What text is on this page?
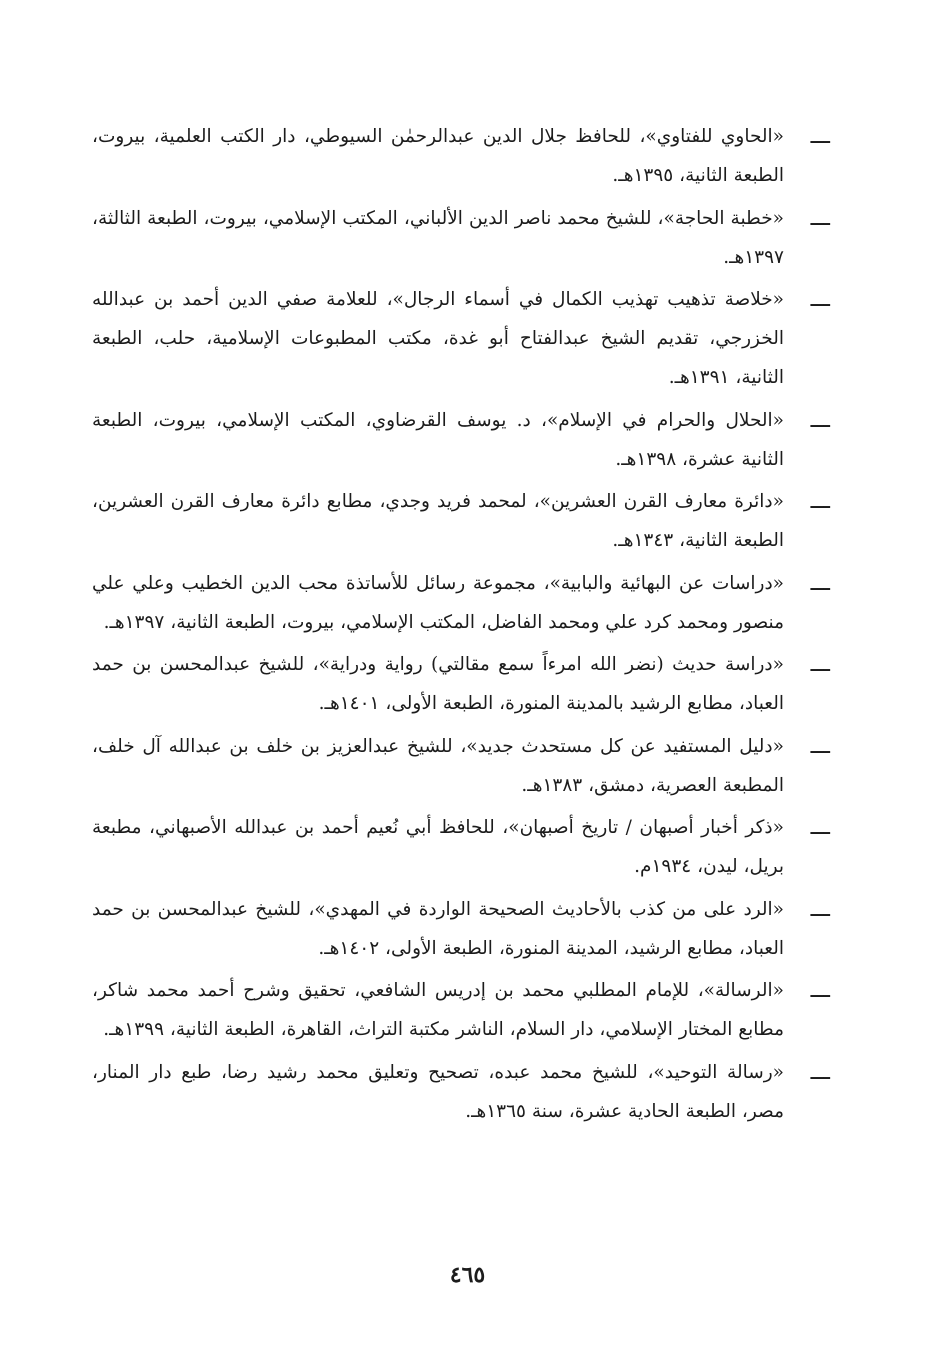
ـــ
«الحاوي للفتاوي»، للحافظ جلال الدين عبدالرحمٰن السيوطي، دار الكتب العلمية، بيروت، الطبعة الثانية، ١٣٩٥هـ.
ـــ
«خطبة الحاجة»، للشيخ محمد ناصر الدين الألباني، المكتب الإسلامي، بيروت، الطبعة الثالثة، ١٣٩٧هـ.
ـــ
«خلاصة تذهيب تهذيب الكمال في أسماء الرجال»، للعلامة صفي الدين أحمد بن عبدالله الخزرجي، تقديم الشيخ عبدالفتاح أبو غدة، مكتب المطبوعات الإسلامية، حلب، الطبعة الثانية، ١٣٩١هـ.
ـــ
«الحلال والحرام في الإسلام»، د. يوسف القرضاوي، المكتب الإسلامي، بيروت، الطبعة الثانية عشرة، ١٣٩٨هـ.
ـــ
«دائرة معارف القرن العشرين»، لمحمد فريد وجدي، مطابع دائرة معارف القرن العشرين، الطبعة الثانية، ١٣٤٣هـ.
ـــ
«دراسات عن البهائية والبابية»، مجموعة رسائل للأساتذة محب الدين الخطيب وعلي علي منصور ومحمد كرد علي ومحمد الفاضل، المكتب الإسلامي، بيروت، الطبعة الثانية، ١٣٩٧هـ.
ـــ
«دراسة حديث (نضر الله امرءاً سمع مقالتي) رواية ودراية»، للشيخ عبدالمحسن بن حمد العباد، مطابع الرشيد بالمدينة المنورة، الطبعة الأولى، ١٤٠١هـ.
ـــ
«دليل المستفيد عن كل مستحدث جديد»، للشيخ عبدالعزيز بن خلف بن عبدالله آل خلف، المطبعة العصرية، دمشق، ١٣٨٣هـ.
ـــ
«ذكر أخبار أصبهان / تاريخ أصبهان»، للحافظ أبي نُعيم أحمد بن عبدالله الأصبهاني، مطبعة بريل، ليدن، ١٩٣٤م.
ـــ
«الرد على من كذب بالأحاديث الصحيحة الواردة في المهدي»، للشيخ عبدالمحسن بن حمد العباد، مطابع الرشيد، المدينة المنورة، الطبعة الأولى، ١٤٠٢هـ.
ـــ
«الرسالة»، للإمام المطلبي محمد بن إدريس الشافعي، تحقيق وشرح أحمد محمد شاكر، مطابع المختار الإسلامي، دار السلام، الناشر مكتبة التراث، القاهرة، الطبعة الثانية، ١٣٩٩هـ.
ـــ
«رسالة التوحيد»، للشيخ محمد عبده، تصحيح وتعليق محمد رشيد رضا، طبع دار المنار، مصر، الطبعة الحادية عشرة، سنة ١٣٦٥هـ.
٤٦٥
